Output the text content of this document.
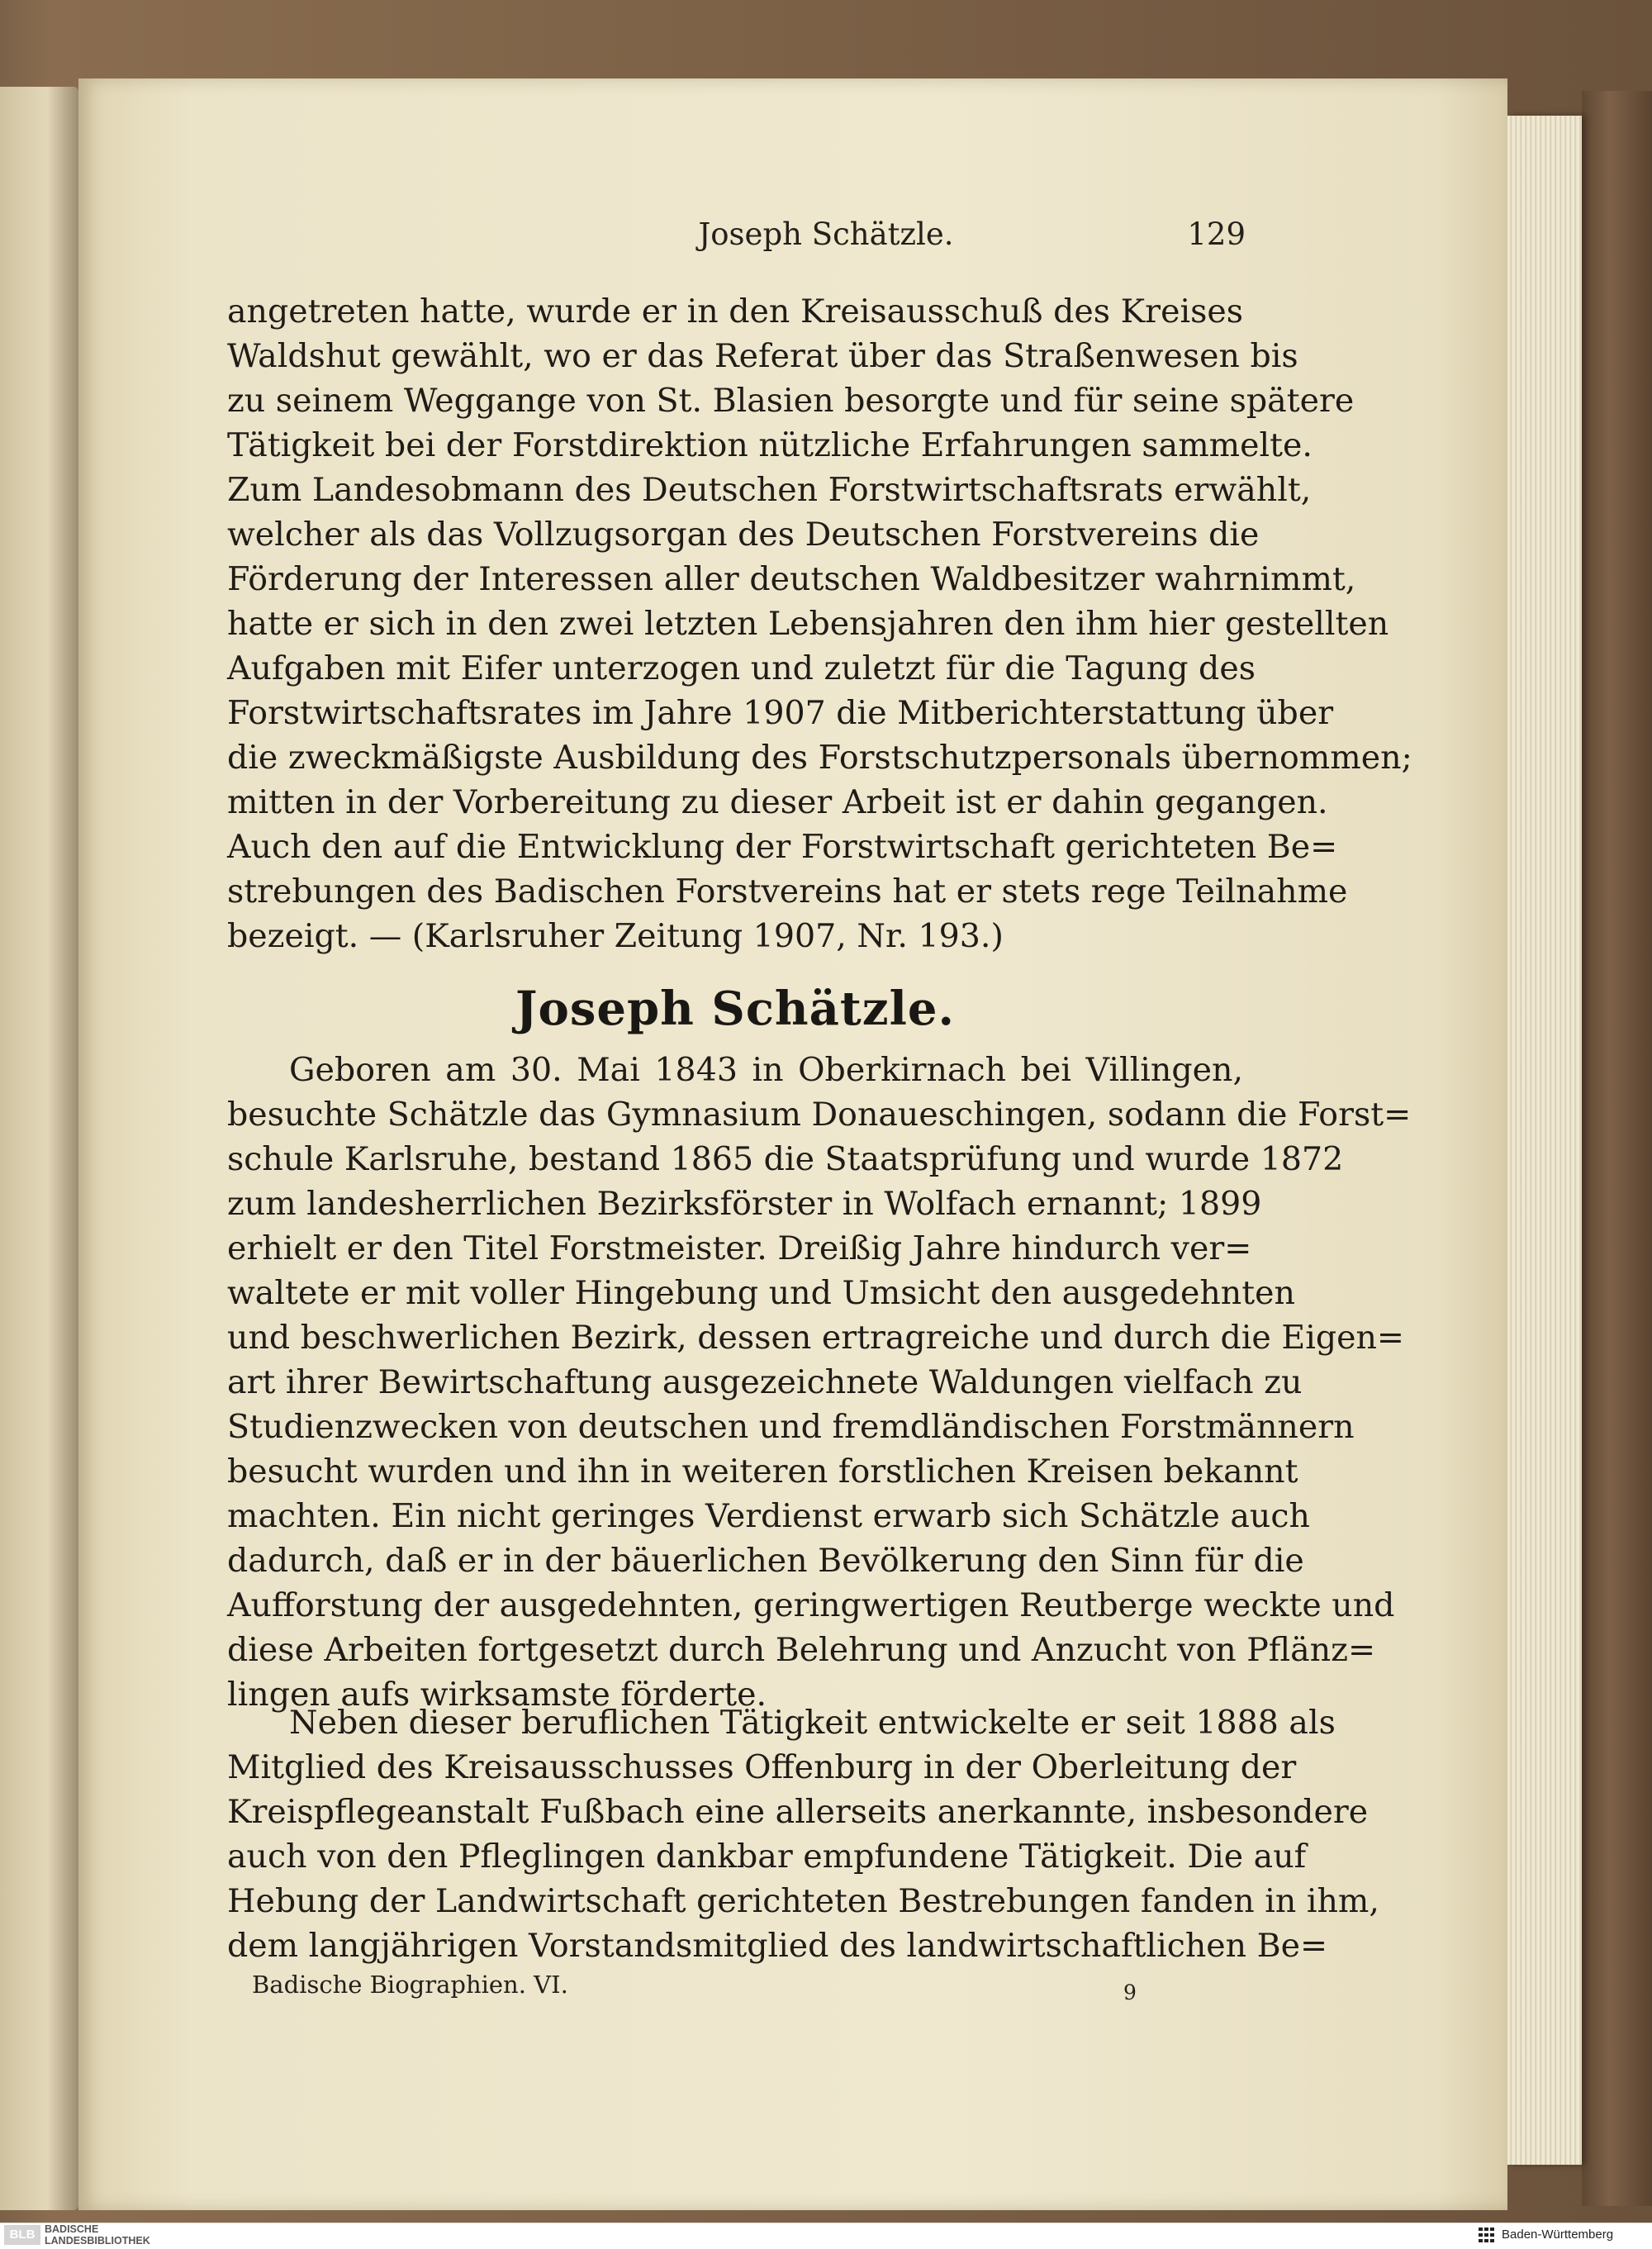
Joseph Schätzle.	129
angetreten hatte, wurde er in den Kreisausschuß des Kreises
Waldshut gewählt, wo er das Referat über das Straßenwesen bis
zu seinem Weggange von St. Blasien besorgte und für seine spätere
Tätigkeit bei der Forstdirektion nützliche Erfahrungen sammelte.
Zum Landesobmann des Deutschen Forstwirtschaftsrats erwählt,
welcher als das Vollzugsorgan des Deutschen Forstvereins die
Förderung der Interessen aller deutschen Waldbesitzer wahrnimmt,
hatte er sich in den zwei letzten Lebensjahren den ihm hier gestellten
Aufgaben mit Eifer unterzogen und zuletzt für die Tagung des
Forstwirtschaftsrates im Jahre 1907 die Mitberichterstattung über
die zweckmäßigste Ausbildung des Forstschutzpersonals übernommen;
mitten in der Vorbereitung zu dieser Arbeit ist er dahin gegangen.
Auch den auf die Entwicklung der Forstwirtschaft gerichteten Be=
strebungen des Badischen Forstvereins hat er stets rege Teilnahme
bezeigt. — (Karlsruher Zeitung 1907, Nr. 193.)
Joseph Schätzle.
Geboren am 30. Mai 1843 in Oberkirnach bei Villingen,
besuchte Schätzle das Gymnasium Donaueschingen, sodann die Forst=
schule Karlsruhe, bestand 1865 die Staatsprüfung und wurde 1872
zum landesherrlichen Bezirksförster in Wolfach ernannt; 1899
erhielt er den Titel Forstmeister. Dreißig Jahre hindurch ver=
waltete er mit voller Hingebung und Umsicht den ausgedehnten
und beschwerlichen Bezirk, dessen ertragreiche und durch die Eigen=
art ihrer Bewirtschaftung ausgezeichnete Waldungen vielfach zu
Studienzwecken von deutschen und fremdländischen Forstmännern
besucht wurden und ihn in weiteren forstlichen Kreisen bekannt
machten. Ein nicht geringes Verdienst erwarb sich Schätzle auch
dadurch, daß er in der bäuerlichen Bevölkerung den Sinn für die
Aufforstung der ausgedehnten, geringwertigen Reutberge weckte und
diese Arbeiten fortgesetzt durch Belehrung und Anzucht von Pflänz=
lingen aufs wirksamste förderte.
Neben dieser beruflichen Tätigkeit entwickelte er seit 1888 als
Mitglied des Kreisausschusses Offenburg in der Oberleitung der
Kreispflegeanstalt Fußbach eine allerseits anerkannte, insbesondere
auch von den Pfleglingen dankbar empfundene Tätigkeit. Die auf
Hebung der Landwirtschaft gerichteten Bestrebungen fanden in ihm,
dem langjährigen Vorstandsmitglied des landwirtschaftlichen Be=
Badische Biographien. VI.	9
BLB BADISCHE
LANDESBIBLIOTHEK	Baden-Württemberg
